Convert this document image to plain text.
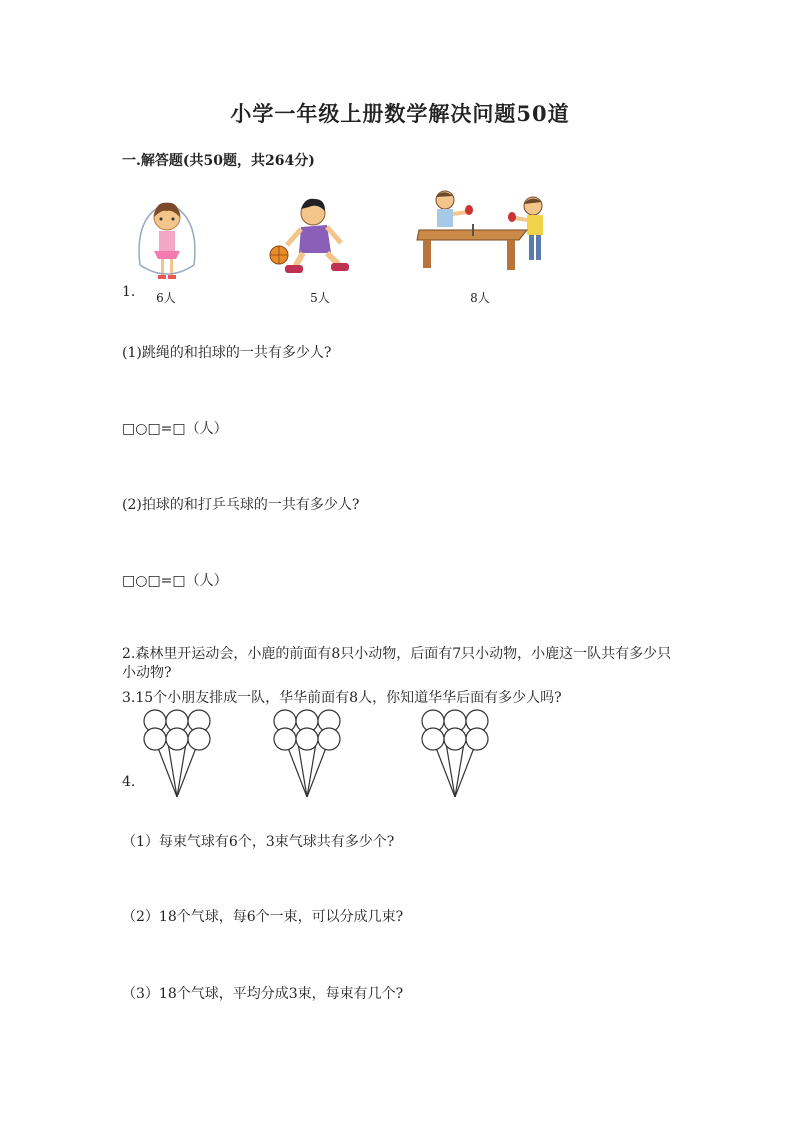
小学一年级上册数学解决问题50道
一.解答题(共50题，共264分)
1.	6人	5人	8人
(1)跳绳的和拍球的一共有多少人?
□○□=□（人）
(2)拍球的和打乒乓球的一共有多少人?
□○□=□（人）
2.森林里开运动会，小鹿的前面有8只小动物，后面有7只小动物，小鹿这一队共有多少只小动物?
3.15个小朋友排成一队，华华前面有8人，你知道华华后面有多少人吗?
4.
（1）每束气球有6个，3束气球共有多少个?
（2）18个气球，每6个一束，可以分成几束?
（3）18个气球，平均分成3束，每束有几个?
